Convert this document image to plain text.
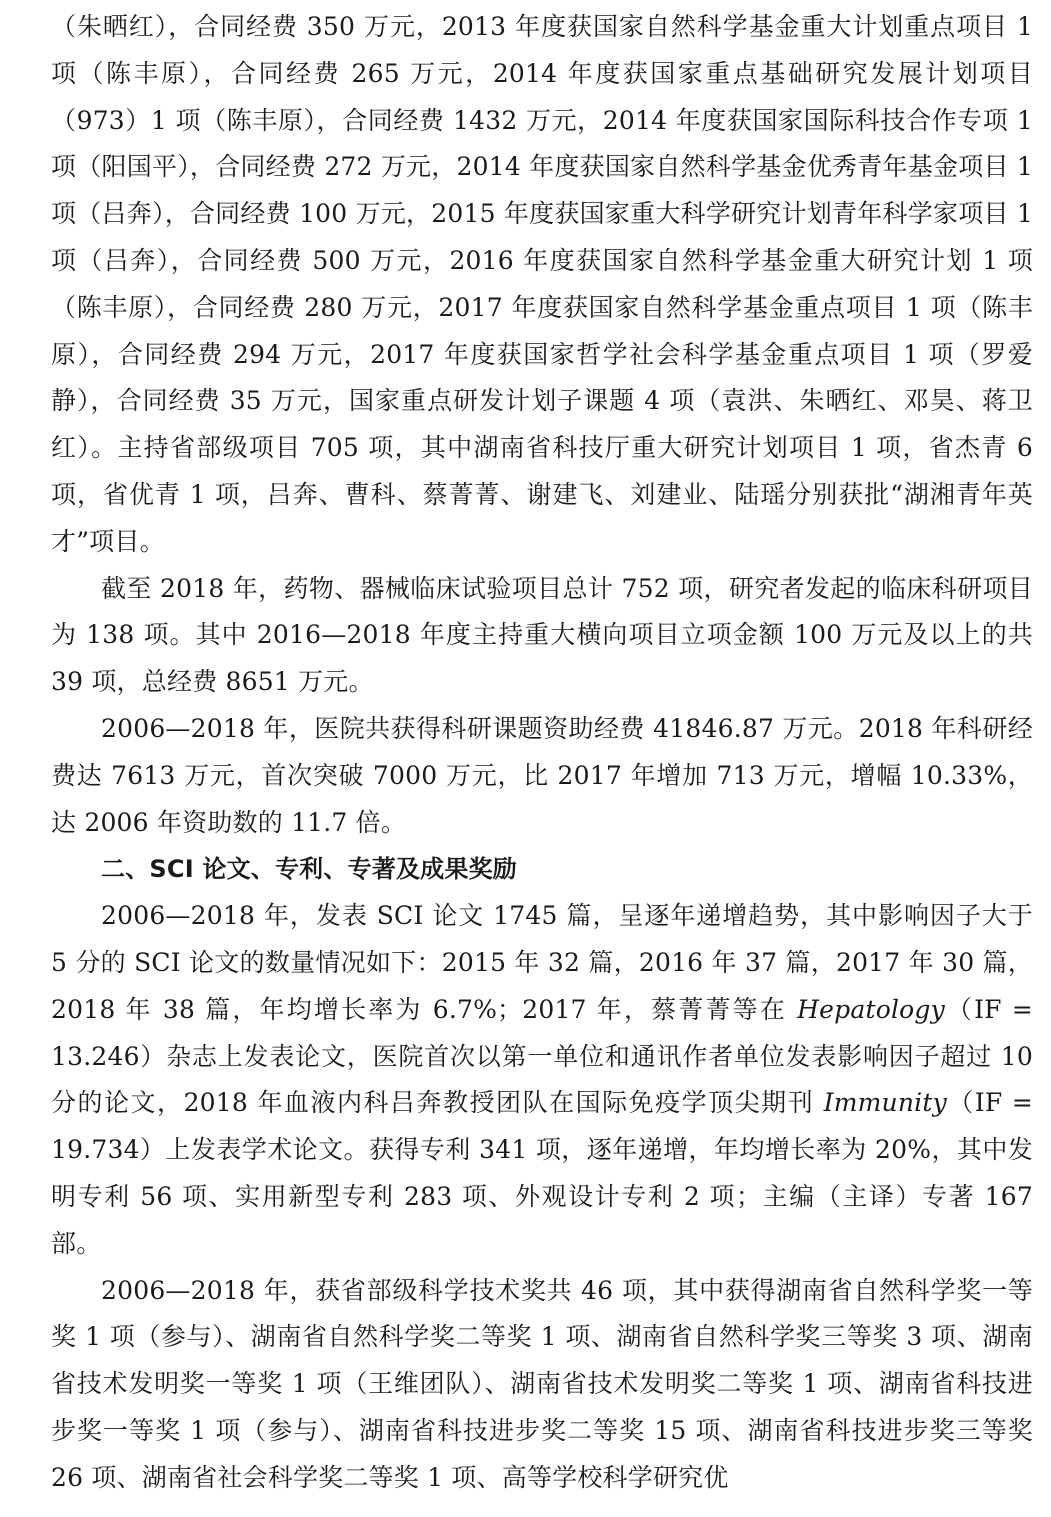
（朱晒红），合同经费 350 万元，2013 年度获国家自然科学基金重大计划重点项目 1 项（陈丰原），合同经费 265 万元，2014 年度获国家重点基础研究发展计划项目（973）1 项（陈丰原），合同经费 1432 万元，2014 年度获国家国际科技合作专项 1 项（阳国平），合同经费 272 万元，2014 年度获国家自然科学基金优秀青年基金项目 1 项（吕奔），合同经费 100 万元，2015 年度获国家重大科学研究计划青年科学家项目 1 项（吕奔），合同经费 500 万元，2016 年度获国家自然科学基金重大研究计划 1 项（陈丰原），合同经费 280 万元，2017 年度获国家自然科学基金重点项目 1 项（陈丰原），合同经费 294 万元，2017 年度获国家哲学社会科学基金重点项目 1 项（罗爱静），合同经费 35 万元，国家重点研发计划子课题 4 项（袁洪、朱晒红、邓昊、蒋卫红）。主持省部级项目 705 项，其中湖南省科技厅重大研究计划项目 1 项，省杰青 6 项，省优青 1 项，吕奔、曹科、蔡菁菁、谢建飞、刘建业、陆瑶分别获批“湖湘青年英才”项目。

截至 2018 年，药物、器械临床试验项目总计 752 项，研究者发起的临床科研项目为 138 项。其中 2016—2018 年度主持重大横向项目立项金额 100 万元及以上的共 39 项，总经费 8651 万元。

2006—2018 年，医院共获得科研课题资助经费 41846.87 万元。2018 年科研经费达 7613 万元，首次突破 7000 万元，比 2017 年增加 713 万元，增幅 10.33%，达 2006 年资助数的 11.7 倍。

二、SCI 论文、专利、专著及成果奖励

2006—2018 年，发表 SCI 论文 1745 篇，呈逐年递增趋势，其中影响因子大于 5 分的 SCI 论文的数量情况如下：2015 年 32 篇，2016 年 37 篇，2017 年 30 篇，2018 年 38 篇，年均增长率为 6.7%；2017 年，蔡菁菁等在 Hepatology（IF = 13.246）杂志上发表论文，医院首次以第一单位和通讯作者单位发表影响因子超过 10 分的论文，2018 年血液内科吕奔教授团队在国际免疫学顶尖期刊 Immunity（IF = 19.734）上发表学术论文。获得专利 341 项，逐年递增，年均增长率为 20%，其中发明专利 56 项、实用新型专利 283 项、外观设计专利 2 项；主编（主译）专著 167 部。

2006—2018 年，获省部级科学技术奖共 46 项，其中获得湖南省自然科学奖一等奖 1 项（参与）、湖南省自然科学奖二等奖 1 项、湖南省自然科学奖三等奖 3 项、湖南省技术发明奖一等奖 1 项（王维团队）、湖南省技术发明奖二等奖 1 项、湖南省科技进步奖一等奖 1 项（参与）、湖南省科技进步奖二等奖 15 项、湖南省科技进步奖三等奖 26 项、湖南省社会科学奖二等奖 1 项、高等学校科学研究优
